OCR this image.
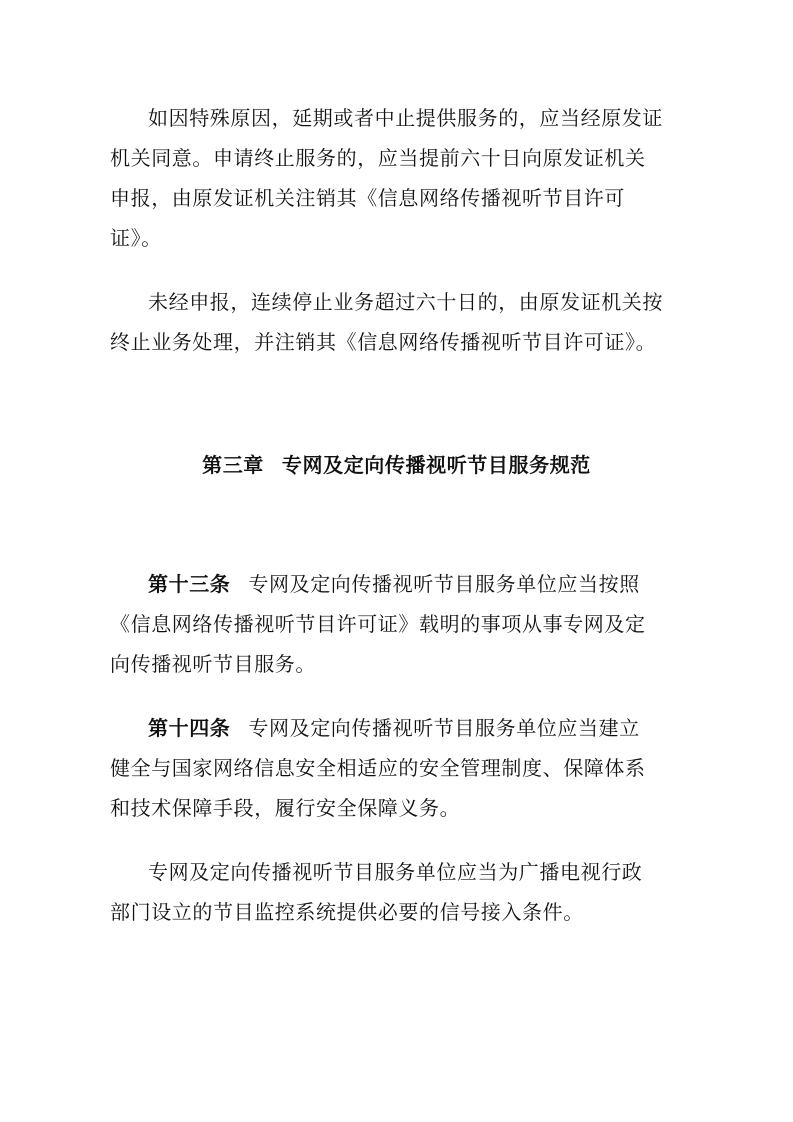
如因特殊原因，延期或者中止提供服务的，应当经原发证
机关同意。申请终止服务的，应当提前六十日向原发证机关
申报，由原发证机关注销其《信息网络传播视听节目许可
证》。
未经申报，连续停止业务超过六十日的，由原发证机关按
终止业务处理，并注销其《信息网络传播视听节目许可证》。
第三章 专网及定向传播视听节目服务规范
第十三条 专网及定向传播视听节目服务单位应当按照
《信息网络传播视听节目许可证》载明的事项从事专网及定
向传播视听节目服务。
第十四条 专网及定向传播视听节目服务单位应当建立
健全与国家网络信息安全相适应的安全管理制度、保障体系
和技术保障手段，履行安全保障义务。
专网及定向传播视听节目服务单位应当为广播电视行政
部门设立的节目监控系统提供必要的信号接入条件。
